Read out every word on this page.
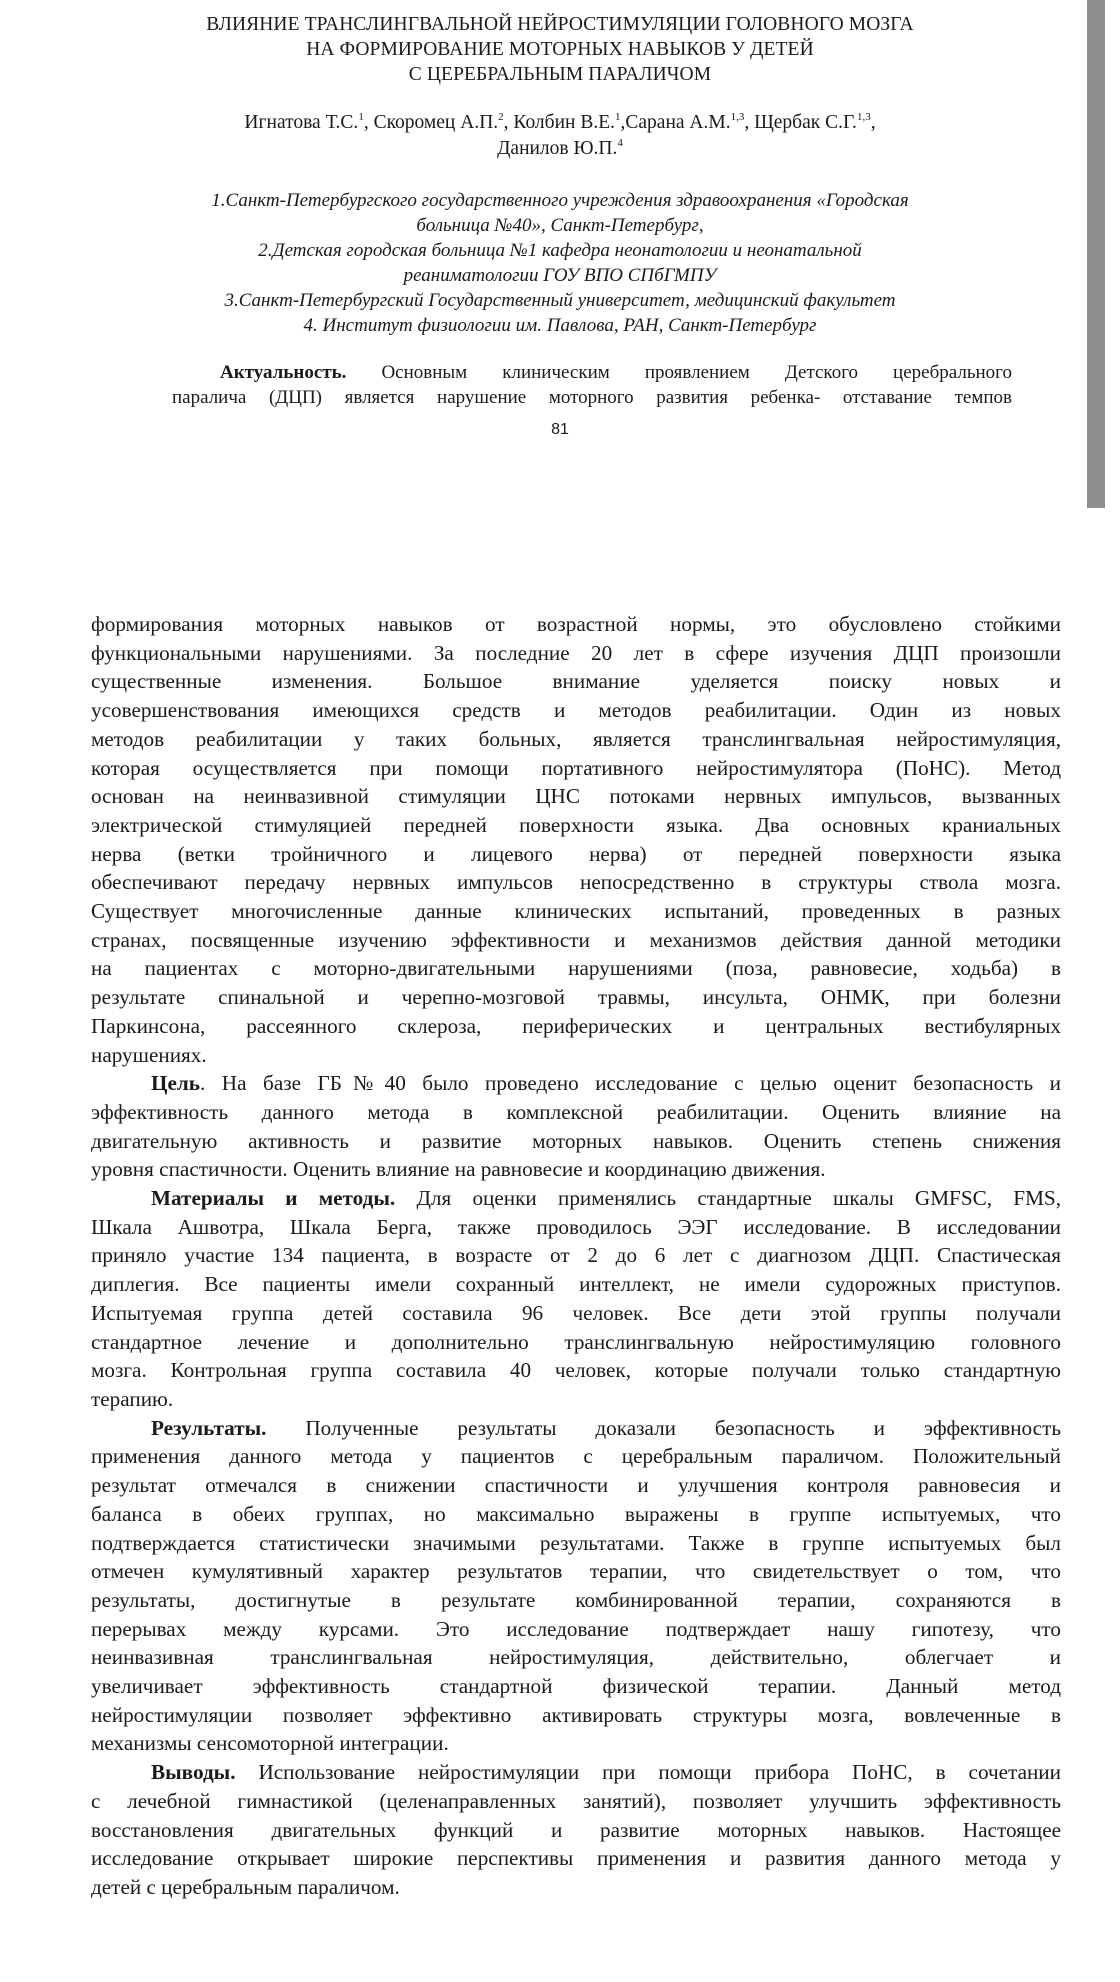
ВЛИЯНИЕ ТРАНСЛИНГВАЛЬНОЙ НЕЙРОСТИМУЛЯЦИИ ГОЛОВНОГО МОЗГА
НА ФОРМИРОВАНИЕ МОТОРНЫХ НАВЫКОВ У ДЕТЕЙ
С ЦЕРЕБРАЛЬНЫМ ПАРАЛИЧОМ
Игнатова Т.С.$^1$, Скоромец А.П.$^2$, Колбин В.Е.$^1$,Сарана А.М.$^{1,3}$, Щербак С.Г.$^{1,3}$,
Данилов Ю.П.$^4$
1.Санкт-Петербургского государственного учреждения здравоохранения «Городская
больница №40», Санкт-Петербург,
2.Детская городская больница №1 кафедра неонатологии и неонатальной
реаниматологии ГОУ ВПО СПбГМПУ
3.Санкт-Петербургский Государственный университет, медицинский факультет
4. Институт физиологии им. Павлова, РАН, Санкт-Петербург
Актуальность. Основным клиническим проявлением Детского церебрального
паралича (ДЦП) является нарушение моторного развития ребенка- отставание темпов
81
формирования моторных навыков от возрастной нормы, это обусловлено стойкими
функциональными нарушениями. За последние 20 лет в сфере изучения ДЦП произошли
существенные изменения. Большое внимание уделяется поиску новых и
усовершенствования имеющихся средств и методов реабилитации. Один из новых
методов реабилитации у таких больных, является транслингвальная нейростимуляция,
которая осуществляется при помощи портативного нейростимулятора (ПоНС). Метод
основан на неинвазивной стимуляции ЦНС потоками нервных импульсов, вызванных
электрической стимуляцией передней поверхности языка. Два основных краниальных
нерва (ветки тройничного и лицевого нерва) от передней поверхности языка
обеспечивают передачу нервных импульсов непосредственно в структуры ствола мозга.
Существует многочисленные данные клинических испытаний, проведенных в разных
странах, посвященные изучению эффективности и механизмов действия данной методики
на пациентах с моторно-двигательными нарушениями (поза, равновесие, ходьба) в
результате спинальной и черепно-мозговой травмы, инсульта, ОНМК, при болезни
Паркинсона, рассеянного склероза, периферических и центральных вестибулярных
нарушениях.
Цель. На базе ГБ№40 было проведено исследование с целью оценит безопасность и
эффективность данного метода в комплексной реабилитации. Оценить влияние на
двигательную активность и развитие моторных навыков. Оценить степень снижения
уровня спастичности. Оценить влияние на равновесие и координацию движения.
Материалы и методы. Для оценки применялись стандартные шкалы GMFSC, FMS,
Шкала Ашвотра, Шкала Берга, также проводилось ЭЭГ исследование. В исследовании
приняло участие 134 пациента, в возрасте от 2 до 6 лет с диагнозом ДЦП. Спастическая
диплегия. Все пациенты имели сохранный интеллект, не имели судорожных приступов.
Испытуемая группа детей составила 96 человек. Все дети этой группы получали
стандартное лечение и дополнительно транслингвальную нейростимуляцию головного
мозга. Контрольная группа составила 40 человек, которые получали только стандартную
терапию.
Результаты. Полученные результаты доказали безопасность и эффективность
применения данного метода у пациентов с церебральным параличом. Положительный
результат отмечался в снижении спастичности и улучшения контроля равновесия и
баланса в обеих группах, но максимально выражены в группе испытуемых, что
подтверждается статистически значимыми результатами. Также в группе испытуемых был
отмечен кумулятивный характер результатов терапии, что свидетельствует о том, что
результаты, достигнутые в результате комбинированной терапии, сохраняются в
перерывах между курсами. Это исследование подтверждает нашу гипотезу, что
неинвазивная транслингвальная нейростимуляция, действительно, облегчает и
увеличивает эффективность стандартной физической терапии. Данный метод
нейростимуляции позволяет эффективно активировать структуры мозга, вовлеченные в
механизмы сенсомоторной интеграции.
Выводы. Использование нейростимуляции при помощи прибора ПоНС, в сочетании
с лечебной гимнастикой (целенаправленных занятий), позволяет улучшить эффективность
восстановления двигательных функций и развитие моторных навыков. Настоящее
исследование открывает широкие перспективы применения и развития данного метода у
детей с церебральным параличом.
